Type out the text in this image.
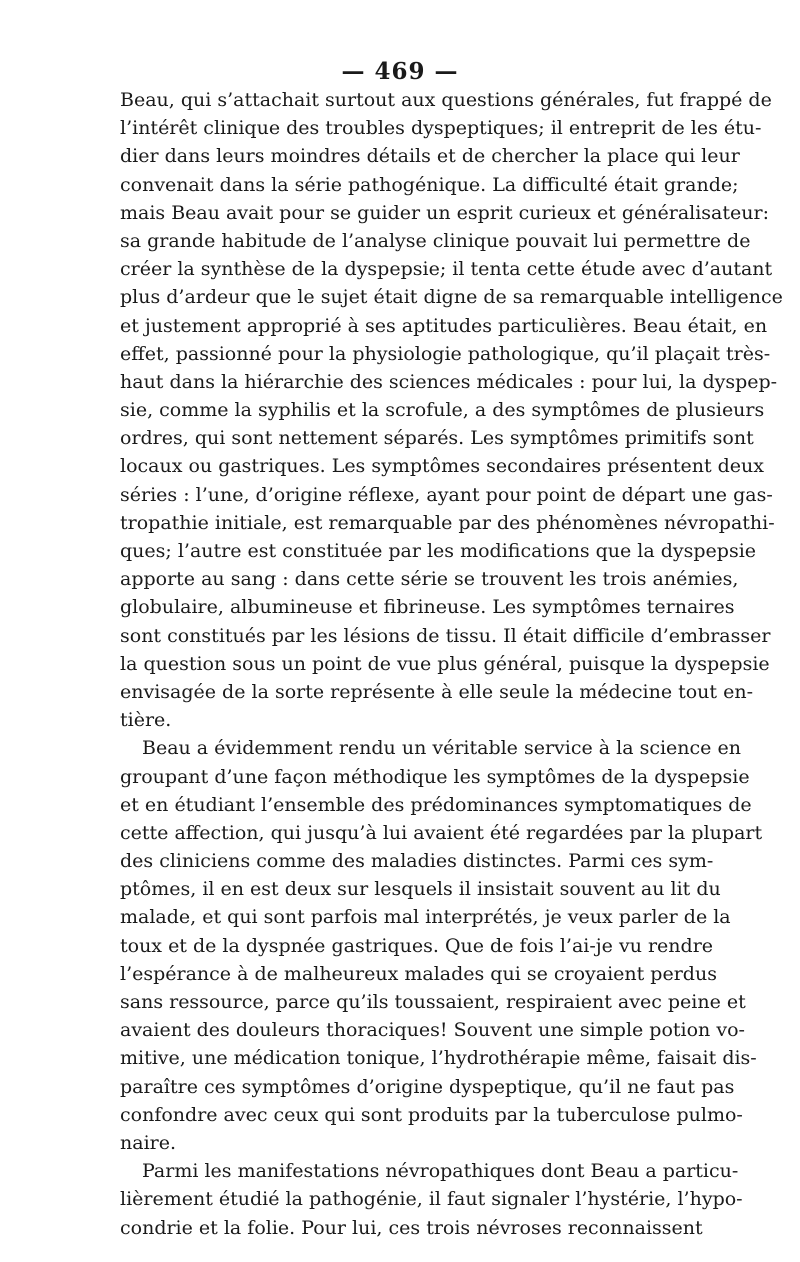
— 469 —
Beau, qui s’attachait surtout aux questions générales, fut frappé de
l’intérêt clinique des troubles dyspeptiques; il entreprit de les étu-
dier dans leurs moindres détails et de chercher la place qui leur
convenait dans la série pathogénique. La difficulté était grande;
mais Beau avait pour se guider un esprit curieux et généralisateur:
sa grande habitude de l’analyse clinique pouvait lui permettre de
créer la synthèse de la dyspepsie; il tenta cette étude avec d’autant
plus d’ardeur que le sujet était digne de sa remarquable intelligence
et justement approprié à ses aptitudes particulières. Beau était, en
effet, passionné pour la physiologie pathologique, qu’il plaçait très-
haut dans la hiérarchie des sciences médicales : pour lui, la dyspep-
sie, comme la syphilis et la scrofule, a des symptômes de plusieurs
ordres, qui sont nettement séparés. Les symptômes primitifs sont
locaux ou gastriques. Les symptômes secondaires présentent deux
séries : l’une, d’origine réflexe, ayant pour point de départ une gas-
tropathie initiale, est remarquable par des phénomènes névropathi-
ques; l’autre est constituée par les modifications que la dyspepsie
apporte au sang : dans cette série se trouvent les trois anémies,
globulaire, albumineuse et fibrineuse. Les symptômes ternaires
sont constitués par les lésions de tissu. Il était difficile d’embrasser
la question sous un point de vue plus général, puisque la dyspepsie
envisagée de la sorte représente à elle seule la médecine tout en-
tière.
Beau a évidemment rendu un véritable service à la science en
groupant d’une façon méthodique les symptômes de la dyspepsie
et en étudiant l’ensemble des prédominances symptomatiques de
cette affection, qui jusqu’à lui avaient été regardées par la plupart
des cliniciens comme des maladies distinctes. Parmi ces sym-
ptômes, il en est deux sur lesquels il insistait souvent au lit du
malade, et qui sont parfois mal interprétés, je veux parler de la
toux et de la dyspnée gastriques. Que de fois l’ai-je vu rendre
l’espérance à de malheureux malades qui se croyaient perdus
sans ressource, parce qu’ils toussaient, respiraient avec peine et
avaient des douleurs thoraciques! Souvent une simple potion vo-
mitive, une médication tonique, l’hydrothérapie même, faisait dis-
paraître ces symptômes d’origine dyspeptique, qu’il ne faut pas
confondre avec ceux qui sont produits par la tuberculose pulmo-
naire.
Parmi les manifestations névropathiques dont Beau a particu-
lièrement étudié la pathogénie, il faut signaler l’hystérie, l’hypo-
condrie et la folie. Pour lui, ces trois névroses reconnaissent
